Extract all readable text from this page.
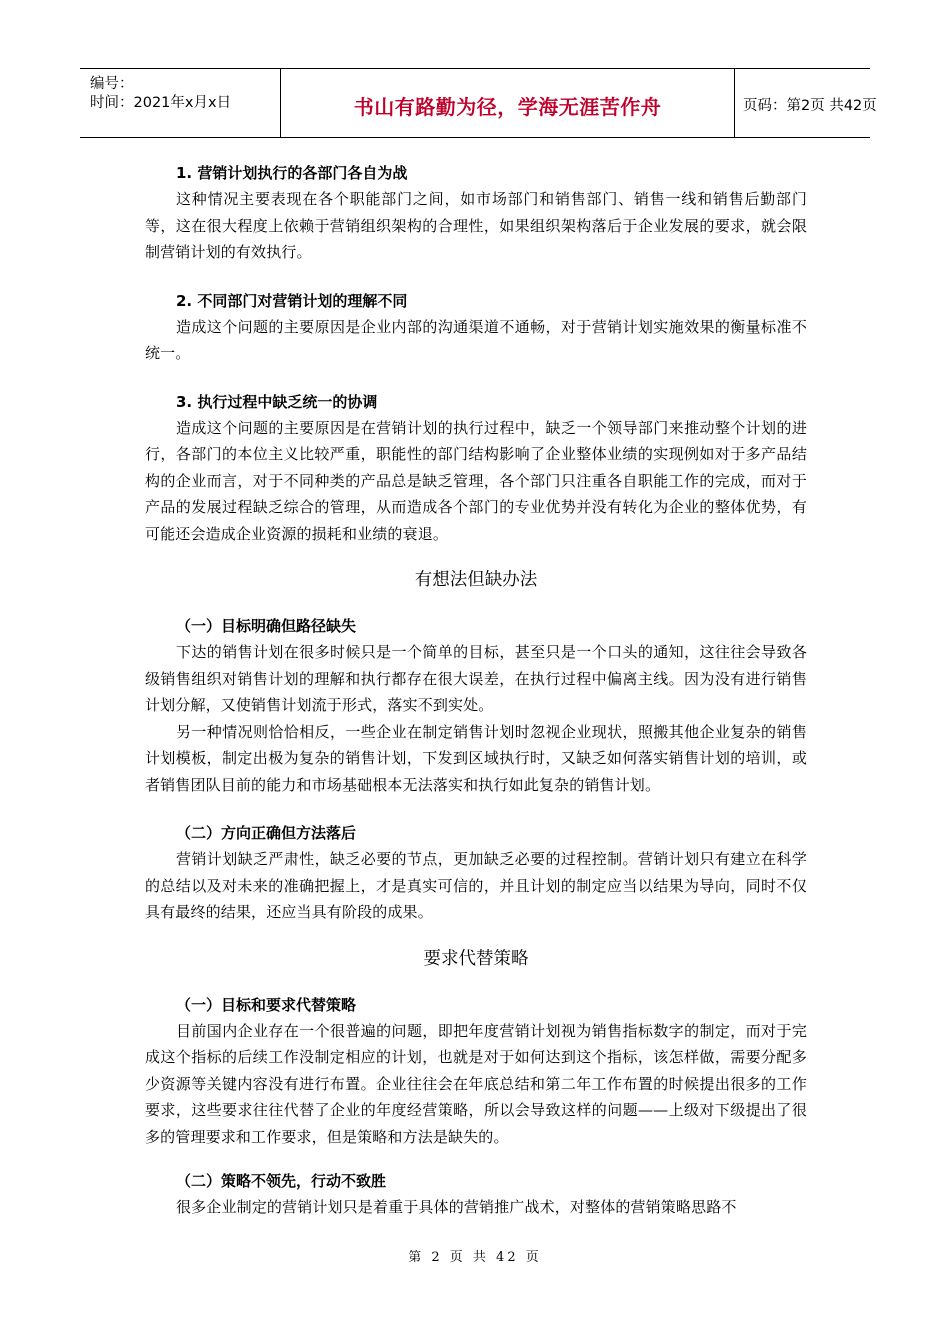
编号：
时间：2021年x月x日	书山有路勤为径，学海无涯苦作舟	页码：第2页 共42页

1. 营销计划执行的各部门各自为战

这种情况主要表现在各个职能部门之间，如市场部门和销售部门、销售一线和销售后勤部门等，这在很大程度上依赖于营销组织架构的合理性，如果组织架构落后于企业发展的要求，就会限制营销计划的有效执行。

2. 不同部门对营销计划的理解不同

造成这个问题的主要原因是企业内部的沟通渠道不通畅，对于营销计划实施效果的衡量标准不统一。

3. 执行过程中缺乏统一的协调

造成这个问题的主要原因是在营销计划的执行过程中，缺乏一个领导部门来推动整个计划的进行，各部门的本位主义比较严重，职能性的部门结构影响了企业整体业绩的实现例如对于多产品结构的企业而言，对于不同种类的产品总是缺乏管理，各个部门只注重各自职能工作的完成，而对于产品的发展过程缺乏综合的管理，从而造成各个部门的专业优势并没有转化为企业的整体优势，有可能还会造成企业资源的损耗和业绩的衰退。

有想法但缺办法

（一）目标明确但路径缺失

下达的销售计划在很多时候只是一个简单的目标，甚至只是一个口头的通知，这往往会导致各级销售组织对销售计划的理解和执行都存在很大误差，在执行过程中偏离主线。因为没有进行销售计划分解，又使销售计划流于形式，落实不到实处。

另一种情况则恰恰相反，一些企业在制定销售计划时忽视企业现状，照搬其他企业复杂的销售计划模板，制定出极为复杂的销售计划，下发到区域执行时，又缺乏如何落实销售计划的培训，或者销售团队目前的能力和市场基础根本无法落实和执行如此复杂的销售计划。

（二）方向正确但方法落后

营销计划缺乏严肃性，缺乏必要的节点，更加缺乏必要的过程控制。营销计划只有建立在科学的总结以及对未来的准确把握上，才是真实可信的，并且计划的制定应当以结果为导向，同时不仅具有最终的结果，还应当具有阶段的成果。

要求代替策略

（一）目标和要求代替策略

目前国内企业存在一个很普遍的问题，即把年度营销计划视为销售指标数字的制定，而对于完成这个指标的后续工作没制定相应的计划，也就是对于如何达到这个指标，该怎样做，需要分配多少资源等关键内容没有进行布置。企业往往会在年底总结和第二年工作布置的时候提出很多的工作要求，这些要求往往代替了企业的年度经营策略，所以会导致这样的问题——上级对下级提出了很多的管理要求和工作要求，但是策略和方法是缺失的。

（二）策略不领先，行动不致胜

很多企业制定的营销计划只是着重于具体的营销推广战术，对整体的营销策略思路不

第 2 页 共 42 页
